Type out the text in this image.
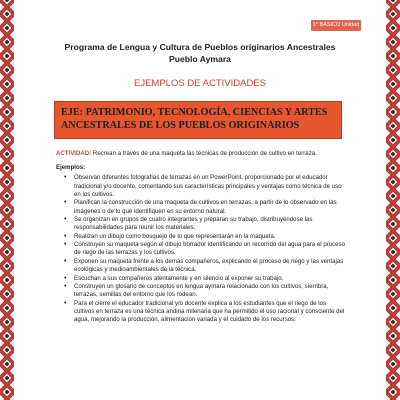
1° BÁSICO Unidad 1
Programa de Lengua y Cultura de Pueblos originarios Ancestrales
Pueblo Aymara
EJEMPLOS DE ACTIVIDADES
EJE: PATRIMONIO, TECNOLOGÍA, CIENCIAS Y ARTES ANCESTRALES DE LOS PUEBLOS ORIGINARIOS

ACTIVIDAD: Recrean a través de una maqueta las técnicas de producción de cultivo en terraza.

Ejemplos:

• Observan diferentes fotografías de terrazas en un PowerPoint, proporcionado por el educador tradicional y/o docente, comentando sus características principales y ventajas como técnica de uso en los cultivos.
• Planifican la construcción de una maqueta de cultivos en terrazas, a partir de lo observado en las imágenes o de lo que identifiquen en su entorno natural.
• Se organizan en grupos de cuatro integrantes y preparan su trabajo, distribuyéndose las responsabilidades para reunir los materiales.
• Realizan un dibujo como bosquejo de lo que representarán en la maqueta.
• Construyen su maqueta según el dibujo borrador identificando un recorrido del agua para el proceso de riego de las terrazas y los cultivos.
• Exponen su maqueta frente a los demás compañeros, explicando el proceso de riego y las ventajas ecológicas y medioambientales de la técnica.
• Escuchan a sus compañeros atentamente y en silencio al exponer su trabajo.
• Construyen un glosario de conceptos en lengua aymara relacionado con los cultivos, sierribra, terrazas, semillas del entorno que los rodean.
• Para el cierre el educador tradicional y/o docente explica a los estudiantes que el riego de los cultivos en terraza es una técnica andina milenaria que ha permitido el uso racional y consciente del agua, mejorando la producción, alimentación variada y el cuidado de los recursos.
